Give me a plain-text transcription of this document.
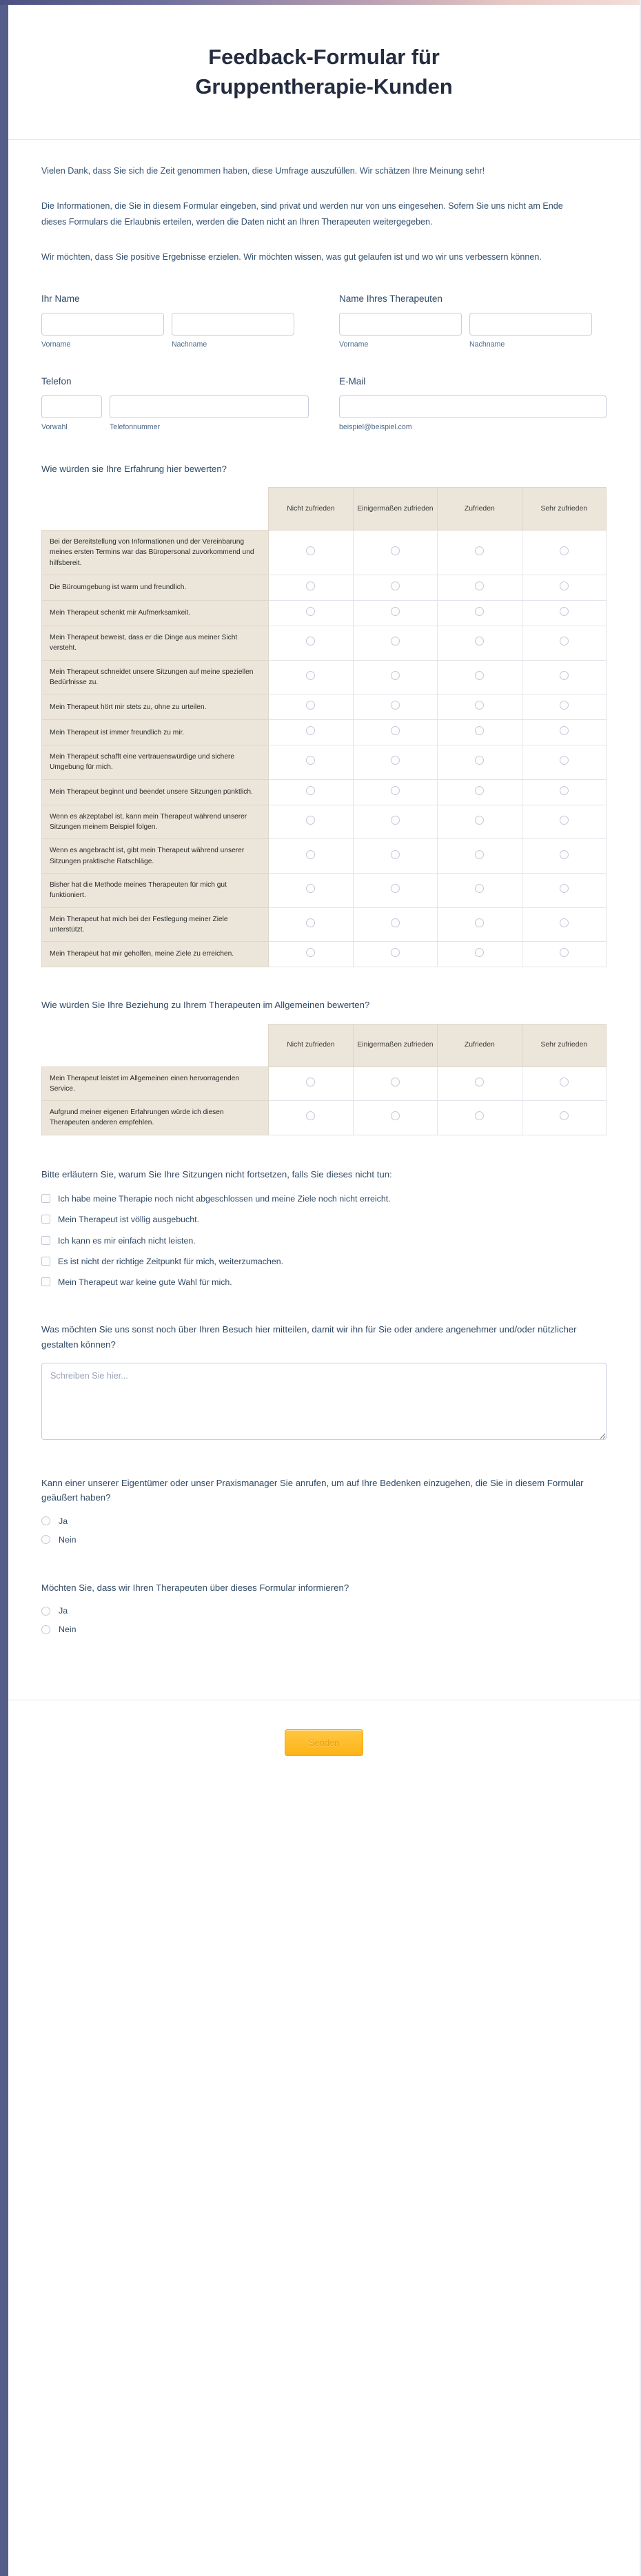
Feedback-Formular für
Gruppentherapie-Kunden

Vielen Dank, dass Sie sich die Zeit genommen haben, diese Umfrage auszufüllen. Wir schätzen Ihre Meinung sehr!

Die Informationen, die Sie in diesem Formular eingeben, sind privat und werden nur von uns eingesehen. Sofern Sie uns nicht am Ende dieses Formulars die Erlaubnis erteilen, werden die Daten nicht an Ihren Therapeuten weitergegeben.

Wir möchten, dass Sie positive Ergebnisse erzielen. Wir möchten wissen, was gut gelaufen ist und wo wir uns verbessern können.

Ihr Name
Vorname	Nachname
Name Ihres Therapeuten
Vorname	Nachname
Telefon
Vorwahl	Telefonnummer
E-Mail
beispiel@beispiel.com
Wie würden sie Ihre Erfahrung hier bewerten?
	Nicht zufrieden	Einigermaßen zufrieden	Zufrieden	Sehr zufrieden
Bei der Bereitstellung von Informationen und der Vereinbarung meines ersten Termins war das Büropersonal zuvorkommend und hilfsbereit.				
Die Büroumgebung ist warm und freundlich.				
Mein Therapeut schenkt mir Aufmerksamkeit.				
Mein Therapeut beweist, dass er die Dinge aus meiner Sicht versteht.				
Mein Therapeut schneidet unsere Sitzungen auf meine speziellen Bedürfnisse zu.				
Mein Therapeut hört mir stets zu, ohne zu urteilen.				
Mein Therapeut ist immer freundlich zu mir.				
Mein Therapeut schafft eine vertrauenswürdige und sichere Umgebung für mich.				
Mein Therapeut beginnt und beendet unsere Sitzungen pünktlich.				
Wenn es akzeptabel ist, kann mein Therapeut während unserer Sitzungen meinem Beispiel folgen.				
Wenn es angebracht ist, gibt mein Therapeut während unserer Sitzungen praktische Ratschläge.				
Bisher hat die Methode meines Therapeuten für mich gut funktioniert.				
Mein Therapeut hat mich bei der Festlegung meiner Ziele unterstützt.				
Mein Therapeut hat mir geholfen, meine Ziele zu erreichen.				
Wie würden Sie Ihre Beziehung zu Ihrem Therapeuten im Allgemeinen bewerten?
	Nicht zufrieden	Einigermaßen zufrieden	Zufrieden	Sehr zufrieden
Mein Therapeut leistet im Allgemeinen einen hervorragenden Service.				
Aufgrund meiner eigenen Erfahrungen würde ich diesen Therapeuten anderen empfehlen.				
Bitte erläutern Sie, warum Sie Ihre Sitzungen nicht fortsetzen, falls Sie dieses nicht tun:
Ich habe meine Therapie noch nicht abgeschlossen und meine Ziele noch nicht erreicht.
Mein Therapeut ist völlig ausgebucht.
Ich kann es mir einfach nicht leisten.
Es ist nicht der richtige Zeitpunkt für mich, weiterzumachen.
Mein Therapeut war keine gute Wahl für mich.
Was möchten Sie uns sonst noch über Ihren Besuch hier mitteilen, damit wir ihn für Sie oder andere angenehmer und/oder nützlicher gestalten können?
Schreiben Sie hier...
Kann einer unserer Eigentümer oder unser Praxismanager Sie anrufen, um auf Ihre Bedenken einzugehen, die Sie in diesem Formular geäußert haben?
Ja
Nein
Möchten Sie, dass wir Ihren Therapeuten über dieses Formular informieren?
Ja
Nein
Senden
